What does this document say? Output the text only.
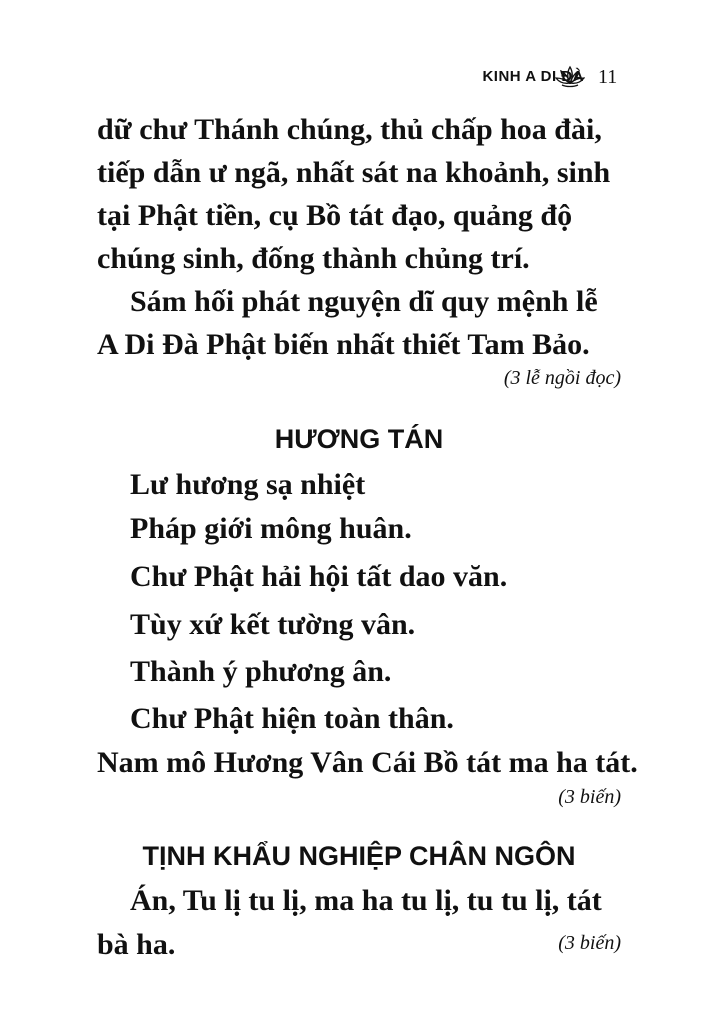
KINH A DI ĐÀ 11
dữ chư Thánh chúng, thủ chấp hoa đài,
tiếp dẫn ư ngã, nhất sát na khoảnh, sinh
tại Phật tiền, cụ Bồ tát đạo, quảng độ
chúng sinh, đống thành chủng trí.
Sám hối phát nguyện dĩ quy mệnh lễ
A Di Đà Phật biến nhất thiết Tam Bảo.
(3 lễ ngồi đọc)
HƯƠNG TÁN
Lư hương sạ nhiệt
Pháp giới mông huân.
Chư Phật hải hội tất dao văn.
Tùy xứ kết tường vân.
Thành ý phương ân.
Chư Phật hiện toàn thân.
Nam mô Hương Vân Cái Bồ tát ma ha tát.
(3 biến)
TỊNH KHẨU NGHIỆP CHÂN NGÔN
Án, Tu lị tu lị, ma ha tu lị, tu tu lị, tát
bà ha.	(3 biến)
